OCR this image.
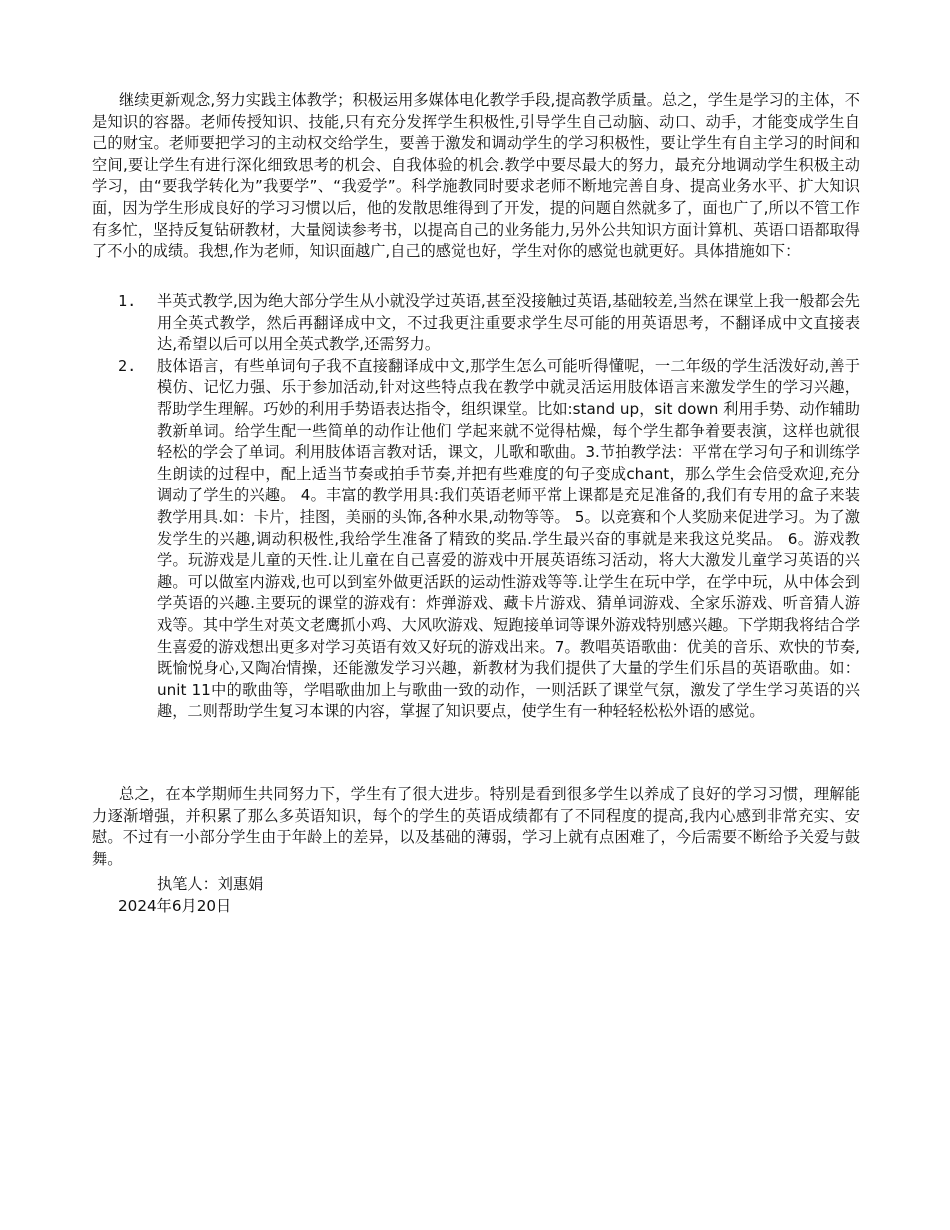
继续更新观念,努力实践主体教学；积极运用多媒体电化教学手段,提高教学质量。总之，学生是学习的主体，不是知识的容器。老师传授知识、技能,只有充分发挥学生积极性,引导学生自己动脑、动口、动手，才能变成学生自己的财宝。老师要把学习的主动权交给学生，要善于激发和调动学生的学习积极性，要让学生有自主学习的时间和空间,要让学生有进行深化细致思考的机会、自我体验的机会.教学中要尽最大的努力，最充分地调动学生积极主动学习，由“要我学转化为”我要学”、“我爱学”。科学施教同时要求老师不断地完善自身、提高业务水平、扩大知识面，因为学生形成良好的学习习惯以后，他的发散思维得到了开发，提的问题自然就多了，面也广了,所以不管工作有多忙，坚持反复钻研教材，大量阅读参考书，以提高自己的业务能力,另外公共知识方面计算机、英语口语都取得了不小的成绩。我想,作为老师，知识面越广,自己的感觉也好，学生对你的感觉也就更好。具体措施如下：

1. 半英式教学,因为绝大部分学生从小就没学过英语,甚至没接触过英语,基础较差,当然在课堂上我一般都会先用全英式教学，然后再翻译成中文，不过我更注重要求学生尽可能的用英语思考，不翻译成中文直接表达,希望以后可以用全英式教学,还需努力。
2. 肢体语言，有些单词句子我不直接翻译成中文,那学生怎么可能听得懂呢，一二年级的学生活泼好动,善于模仿、记忆力强、乐于参加活动,针对这些特点我在教学中就灵活运用肢体语言来激发学生的学习兴趣，帮助学生理解。巧妙的利用手势语表达指令，组织课堂。比如:stand up，sit down 利用手势、动作辅助教新单词。给学生配一些简单的动作让他们 学起来就不觉得枯燥，每个学生都争着要表演，这样也就很轻松的学会了单词。利用肢体语言教对话，课文，儿歌和歌曲。3.节拍教学法：平常在学习句子和训练学生朗读的过程中，配上适当节奏或拍手节奏,并把有些难度的句子变成chant，那么学生会倍受欢迎,充分调动了学生的兴趣。 4。丰富的教学用具:我们英语老师平常上课都是充足准备的,我们有专用的盒子来装教学用具.如：卡片，挂图，美丽的头饰,各种水果,动物等等。 5。以竞赛和个人奖励来促进学习。为了激发学生的兴趣,调动积极性,我给学生准备了精致的奖品.学生最兴奋的事就是来我这兑奖品。 6。游戏教学。玩游戏是儿童的天性.让儿童在自己喜爱的游戏中开展英语练习活动，将大大激发儿童学习英语的兴趣。可以做室内游戏,也可以到室外做更活跃的运动性游戏等等.让学生在玩中学，在学中玩，从中体会到学英语的兴趣.主要玩的课堂的游戏有：炸弹游戏、藏卡片游戏、猜单词游戏、全家乐游戏、听音猜人游戏等。其中学生对英文老鹰抓小鸡、大风吹游戏、短跑接单词等课外游戏特别感兴趣。下学期我将结合学生喜爱的游戏想出更多对学习英语有效又好玩的游戏出来。7。教唱英语歌曲：优美的音乐、欢快的节奏,既愉悦身心,又陶冶情操，还能激发学习兴趣，新教材为我们提供了大量的学生们乐昌的英语歌曲。如：unit 11中的歌曲等，学唱歌曲加上与歌曲一致的动作，一则活跃了课堂气氛，激发了学生学习英语的兴趣，二则帮助学生复习本课的内容，掌握了知识要点，使学生有一种轻轻松松外语的感觉。

总之，在本学期师生共同努力下，学生有了很大进步。特别是看到很多学生以养成了良好的学习习惯，理解能力逐渐增强，并积累了那么多英语知识，每个的学生的英语成绩都有了不同程度的提高,我内心感到非常充实、安慰。不过有一小部分学生由于年龄上的差异，以及基础的薄弱，学习上就有点困难了，今后需要不断给予关爱与鼓舞。

执笔人：刘惠娟

2024年6月20日
